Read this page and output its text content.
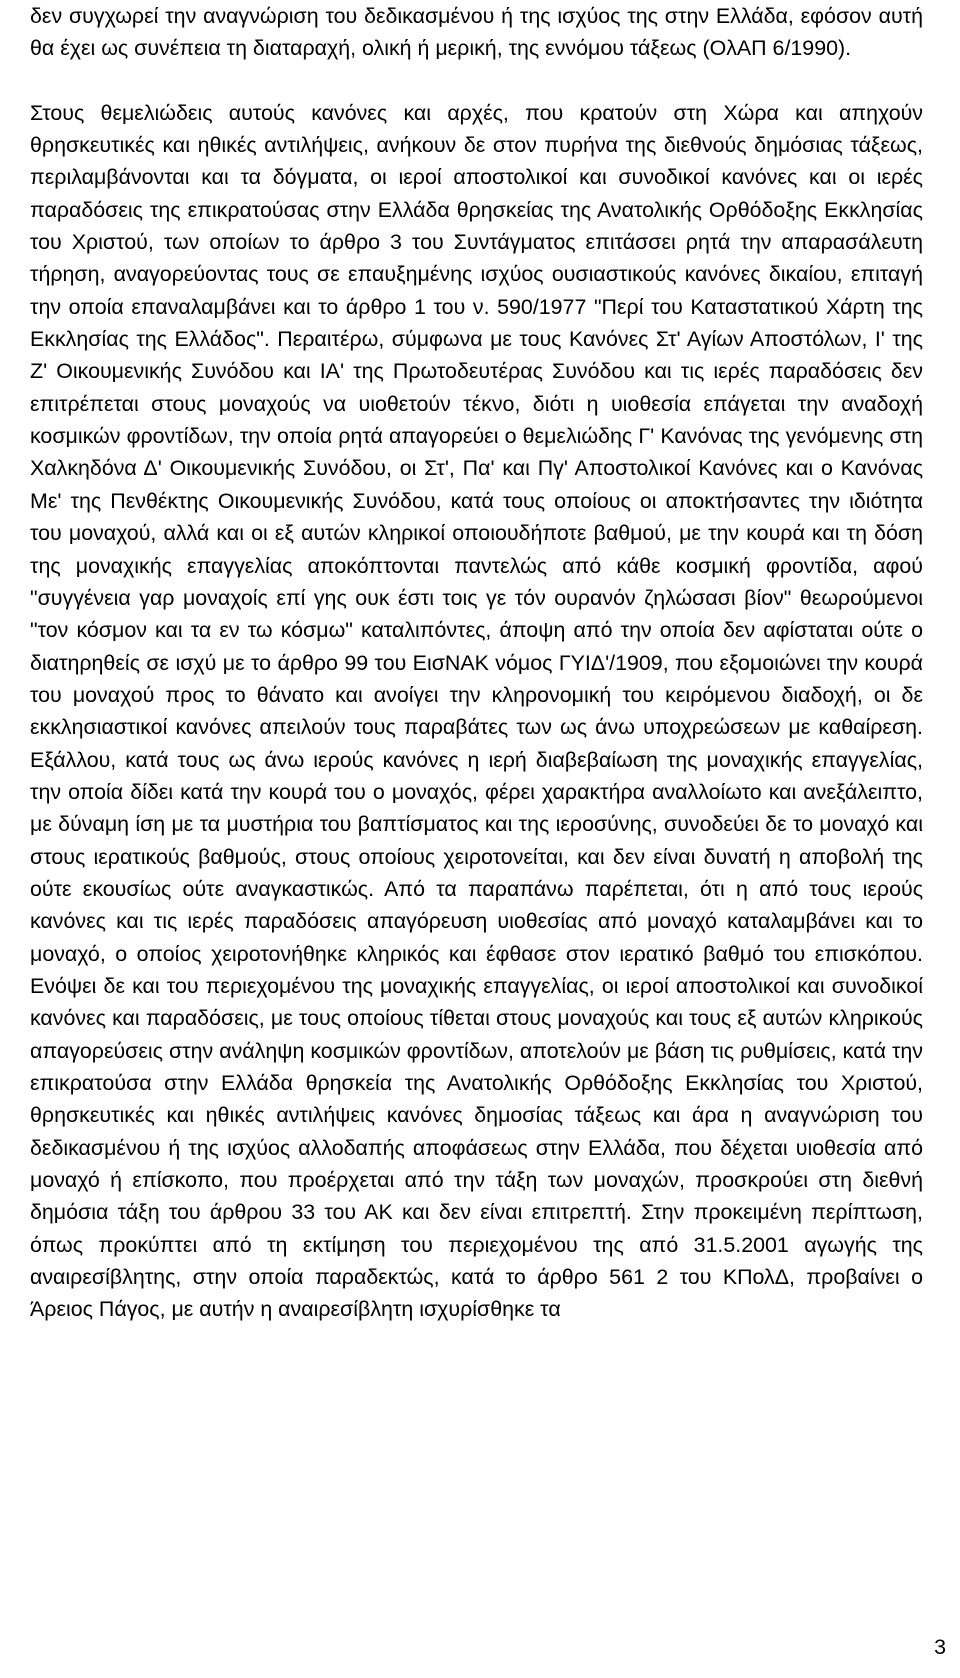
δεν συγχωρεί την αναγνώριση του δεδικασμένου ή της ισχύος της στην Ελλάδα, εφόσον αυτή θα έχει ως συνέπεια τη διαταραχή, ολική ή μερική, της εννόμου τάξεως (ΟλΑΠ 6/1990).

Στους θεμελιώδεις αυτούς κανόνες και αρχές, που κρατούν στη Χώρα και απηχούν θρησκευτικές και ηθικές αντιλήψεις, ανήκουν δε στον πυρήνα της διεθνούς δημόσιας τάξεως, περιλαμβάνονται και τα δόγματα, οι ιεροί αποστολικοί και συνοδικοί κανόνες και οι ιερές παραδόσεις της επικρατούσας στην Ελλάδα θρησκείας της Ανατολικής Ορθόδοξης Εκκλησίας του Χριστού, των οποίων το άρθρο 3 του Συντάγματος επιτάσσει ρητά την απαρασάλευτη τήρηση, αναγορεύοντας τους σε επαυξημένης ισχύος ουσιαστικούς κανόνες δικαίου, επιταγή την οποία επαναλαμβάνει και το άρθρο 1 του ν. 590/1977 "Περί του Καταστατικού Χάρτη της Εκκλησίας της Ελλάδος". Περαιτέρω, σύμφωνα με τους Κανόνες Στ' Αγίων Αποστόλων, Ι' της Ζ' Οικουμενικής Συνόδου και ΙΑ' της Πρωτοδευτέρας Συνόδου και τις ιερές παραδόσεις δεν επιτρέπεται στους μοναχούς να υιοθετούν τέκνο, διότι η υιοθεσία επάγεται την αναδοχή κοσμικών φροντίδων, την οποία ρητά απαγορεύει ο θεμελιώδης Γ' Κανόνας της γενόμενης στη Χαλκηδόνα Δ' Οικουμενικής Συνόδου, οι Στ', Πα' και Πγ' Αποστολικοί Κανόνες και ο Κανόνας Με' της Πενθέκτης Οικουμενικής Συνόδου, κατά τους οποίους οι αποκτήσαντες την ιδιότητα του μοναχού, αλλά και οι εξ αυτών κληρικοί οποιουδήποτε βαθμού, με την κουρά και τη δόση της μοναχικής επαγγελίας αποκόπτονται παντελώς από κάθε κοσμική φροντίδα, αφού "συγγένεια γαρ μοναχοίς επί γης ουκ έστι τοις γε τόν ουρανόν ζηλώσασι βίον" θεωρούμενοι "τον κόσμον και τα εν τω κόσμω" καταλιπόντες, άποψη από την οποία δεν αφίσταται ούτε ο διατηρηθείς σε ισχύ με το άρθρο 99 του ΕισΝΑΚ νόμος ΓΥΙΔ'/1909, που εξομοιώνει την κουρά του μοναχού προς το θάνατο και ανοίγει την κληρονομική του κειρόμενου διαδοχή, οι δε εκκλησιαστικοί κανόνες απειλούν τους παραβάτες των ως άνω υποχρεώσεων με καθαίρεση. Εξάλλου, κατά τους ως άνω ιερούς κανόνες η ιερή διαβεβαίωση της μοναχικής επαγγελίας, την οποία δίδει κατά την κουρά του ο μοναχός, φέρει χαρακτήρα αναλλοίωτο και ανεξάλειπτο, με δύναμη ίση με τα μυστήρια του βαπτίσματος και της ιεροσύνης, συνοδεύει δε το μοναχό και στους ιερατικούς βαθμούς, στους οποίους χειροτονείται, και δεν είναι δυνατή η αποβολή της ούτε εκουσίως ούτε αναγκαστικώς. Από τα παραπάνω παρέπεται, ότι η από τους ιερούς κανόνες και τις ιερές παραδόσεις απαγόρευση υιοθεσίας από μοναχό καταλαμβάνει και το μοναχό, ο οποίος χειροτονήθηκε κληρικός και έφθασε στον ιερατικό βαθμό του επισκόπου. Ενόψει δε και του περιεχομένου της μοναχικής επαγγελίας, οι ιεροί αποστολικοί και συνοδικοί κανόνες και παραδόσεις, με τους οποίους τίθεται στους μοναχούς και τους εξ αυτών κληρικούς απαγορεύσεις στην ανάληψη κοσμικών φροντίδων, αποτελούν με βάση τις ρυθμίσεις, κατά την επικρατούσα στην Ελλάδα θρησκεία της Ανατολικής Ορθόδοξης Εκκλησίας του Χριστού, θρησκευτικές και ηθικές αντιλήψεις κανόνες δημοσίας τάξεως και άρα η αναγνώριση του δεδικασμένου ή της ισχύος αλλοδαπής αποφάσεως στην Ελλάδα, που δέχεται υιοθεσία από μοναχό ή επίσκοπο, που προέρχεται από την τάξη των μοναχών, προσκρούει στη διεθνή δημόσια τάξη του άρθρου 33 του ΑΚ και δεν είναι επιτρεπτή. Στην προκειμένη περίπτωση, όπως προκύπτει από τη εκτίμηση του περιεχομένου της από 31.5.2001 αγωγής της αναιρεσίβλητης, στην οποία παραδεκτώς, κατά το άρθρο 561 2 του ΚΠολΔ, προβαίνει ο Άρειος Πάγος, με αυτήν η αναιρεσίβλητη ισχυρίσθηκε τα

3
